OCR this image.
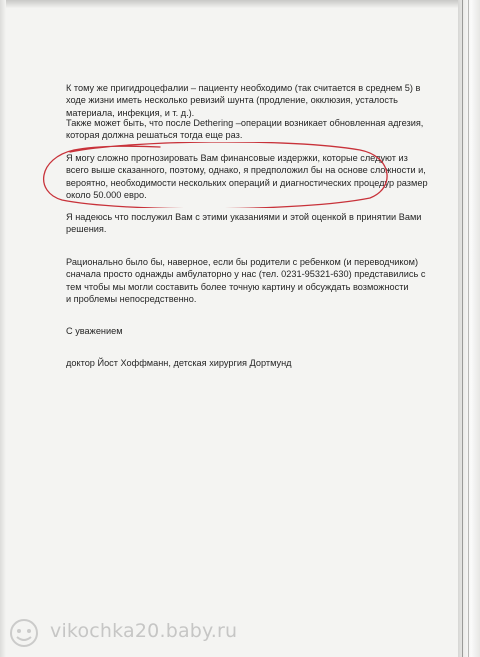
К тому же пригидроцефалии – пациенту необходимо (так считается в среднем 5) в
ходе жизни иметь несколько ревизий шунта (продление, окклюзия, усталость
материала, инфекция, и т. д.).

Также может быть, что после Dethering –операции возникает обновленная адгезия,
которая должна решаться тогда еще раз.

Я могу сложно прогнозировать Вам финансовые издержки, которые следуют из
всего выше сказанного, поэтому, однако, я предположил бы на основе сложности и,
вероятно, необходимости нескольких операций и диагностических процедур размер
около 50.000 евро.

Я надеюсь что послужил Вам с этими указаниями и этой оценкой в принятии Вами
решения.

Рационально было бы, наверное, если бы родители с ребенком (и переводчиком)
сначала просто однажды амбулаторно у нас (тел. 0231-95321-630) представились с
тем чтобы мы могли составить более точную картину и обсуждать возможности
и проблемы непосредственно.

С уважением

доктор Йост Хоффманн, детская хирургия Дортмунд

vikochka20.baby.ru
